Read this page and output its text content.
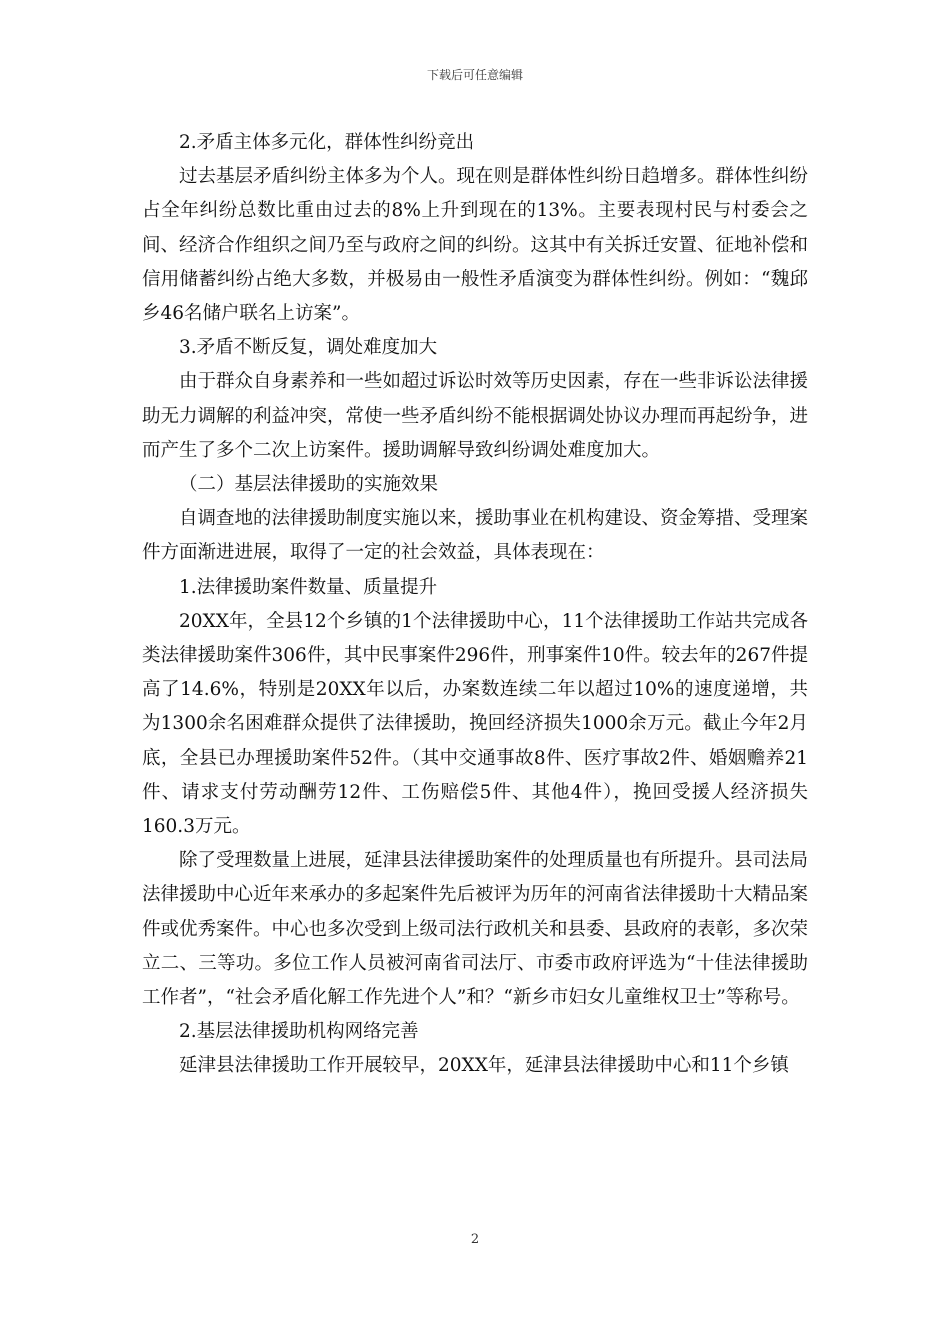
下载后可任意编辑

2.矛盾主体多元化，群体性纠纷竞出

过去基层矛盾纠纷主体多为个人。现在则是群体性纠纷日趋增多。群体性纠纷占全年纠纷总数比重由过去的8%上升到现在的13%。主要表现村民与村委会之间、经济合作组织之间乃至与政府之间的纠纷。这其中有关拆迁安置、征地补偿和信用储蓄纠纷占绝大多数，并极易由一般性矛盾演变为群体性纠纷。例如：“魏邱乡46名储户联名上访案”。

3.矛盾不断反复，调处难度加大

由于群众自身素养和一些如超过诉讼时效等历史因素，存在一些非诉讼法律援助无力调解的利益冲突，常使一些矛盾纠纷不能根据调处协议办理而再起纷争，进而产生了多个二次上访案件。援助调解导致纠纷调处难度加大。

（二）基层法律援助的实施效果

自调查地的法律援助制度实施以来，援助事业在机构建设、资金筹措、受理案件方面渐进进展，取得了一定的社会效益，具体表现在：

1.法律援助案件数量、质量提升

20XX年，全县12个乡镇的1个法律援助中心，11个法律援助工作站共完成各类法律援助案件306件，其中民事案件296件，刑事案件10件。较去年的267件提高了14.6%，特别是20XX年以后，办案数连续二年以超过10%的速度递增，共为1300余名困难群众提供了法律援助，挽回经济损失1000余万元。截止今年2月底，全县已办理援助案件52件。（其中交通事故8件、医疗事故2件、婚姻赡养21件、请求支付劳动酬劳12件、工伤赔偿5件、其他4件），挽回受援人经济损失160.3万元。

除了受理数量上进展，延津县法律援助案件的处理质量也有所提升。县司法局法律援助中心近年来承办的多起案件先后被评为历年的河南省法律援助十大精品案件或优秀案件。中心也多次受到上级司法行政机关和县委、县政府的表彰，多次荣立二、三等功。多位工作人员被河南省司法厅、市委市政府评选为“十佳法律援助工作者”，“社会矛盾化解工作先进个人”和？“新乡市妇女儿童维权卫士”等称号。

2.基层法律援助机构网络完善

延津县法律援助工作开展较早，20XX年，延津县法律援助中心和11个乡镇

2
